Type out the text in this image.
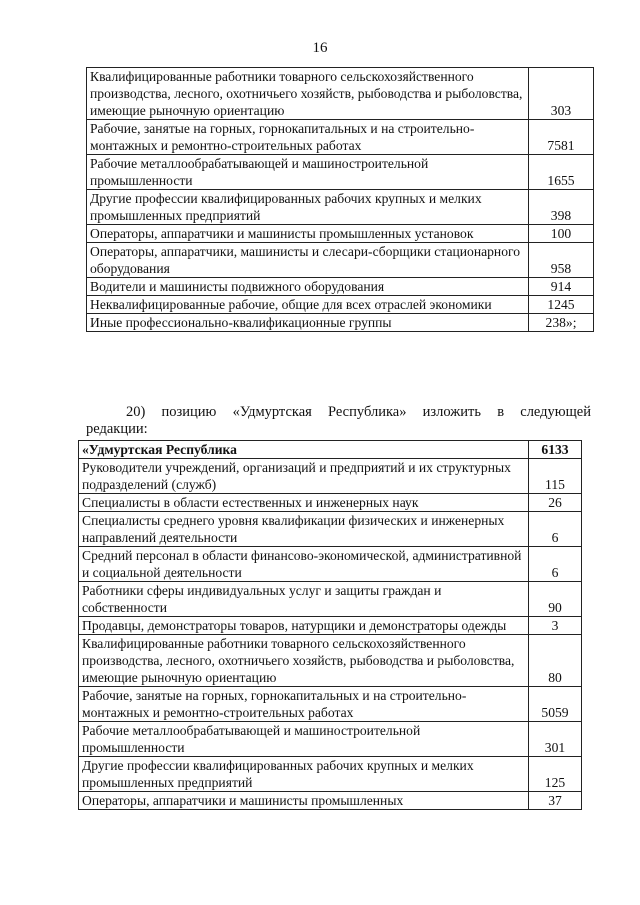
16
Квалифицированные работники товарного сельскохозяйственного производства, лесного, охотничьего хозяйств, рыбоводства и рыболовства, имеющие рыночную ориентацию	303
Рабочие, занятые на горных, горнокапитальных и на строительно-монтажных и ремонтно-строительных работах	7581
Рабочие металлообрабатывающей и машиностроительной промышленности	1655
Другие профессии квалифицированных рабочих крупных и мелких промышленных предприятий	398
Операторы, аппаратчики и машинисты промышленных установок	100
Операторы, аппаратчики, машинисты и слесари-сборщики стационарного оборудования	958
Водители и машинисты подвижного оборудования	914
Неквалифицированные рабочие, общие для всех отраслей экономики	1245
Иные профессионально-квалификационные группы	238»;
20) позицию «Удмуртская Республика» изложить в следующей
редакции:
«Удмуртская Республика	6133
Руководители учреждений, организаций и предприятий и их структурных подразделений (служб)	115
Специалисты в области естественных и инженерных наук	26
Специалисты среднего уровня квалификации физических и инженерных направлений деятельности	6
Средний персонал в области финансово-экономической, административной и социальной деятельности	6
Работники сферы индивидуальных услуг и защиты граждан и собственности	90
Продавцы, демонстраторы товаров, натурщики и демонстраторы одежды	3
Квалифицированные работники товарного сельскохозяйственного производства, лесного, охотничьего хозяйств, рыбоводства и рыболовства, имеющие рыночную ориентацию	80
Рабочие, занятые на горных, горнокапитальных и на строительно-монтажных и ремонтно-строительных работах	5059
Рабочие металлообрабатывающей и машиностроительной промышленности	301
Другие профессии квалифицированных рабочих крупных и мелких промышленных предприятий	125
Операторы, аппаратчики и машинисты промышленных	37
